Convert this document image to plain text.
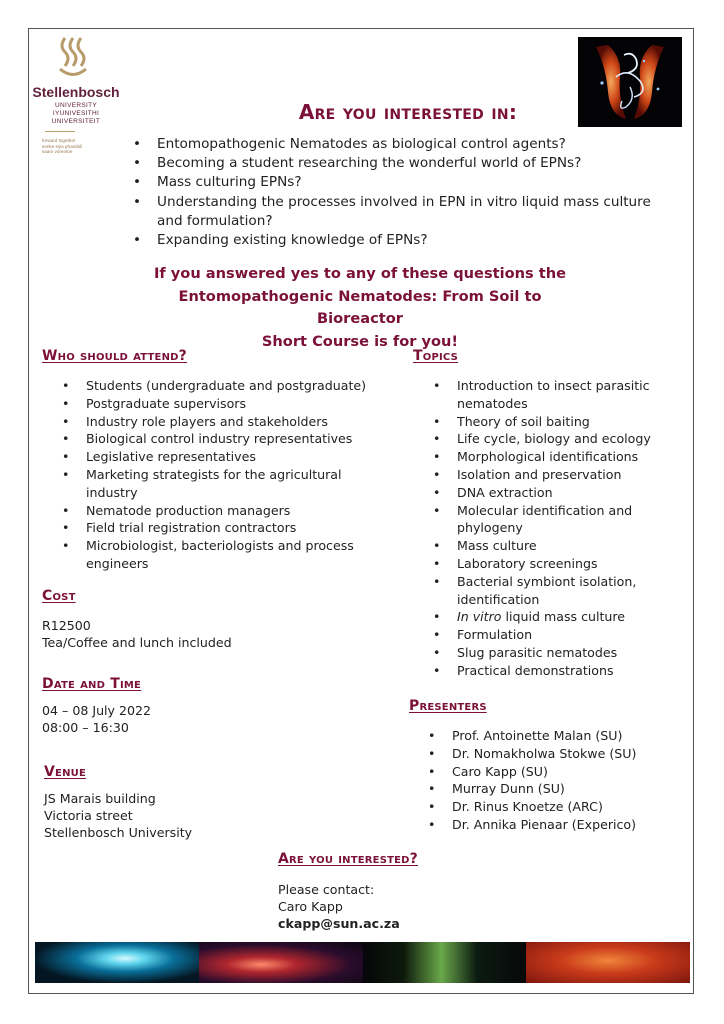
Stellenbosch
UNIVERSITY
IYUNIVESITHI
UNIVERSITEIT
forward together
sonke siya phambili
saam vorentoe
Are you interested in:
• Entomopathogenic Nematodes as biological control agents?
• Becoming a student researching the wonderful world of EPNs?
• Mass culturing EPNs?
• Understanding the processes involved in EPN in vitro liquid mass culture and formulation?
• Expanding existing knowledge of EPNs?
If you answered yes to any of these questions the
Entomopathogenic Nematodes: From Soil to Bioreactor
Short Course is for you!
Who should attend?
• Students (undergraduate and postgraduate)
• Postgraduate supervisors
• Industry role players and stakeholders
• Biological control industry representatives
• Legislative representatives
• Marketing strategists for the agricultural industry
• Nematode production managers
• Field trial registration contractors
• Microbiologist, bacteriologists and process engineers
Topics
• Introduction to insect parasitic nematodes
• Theory of soil baiting
• Life cycle, biology and ecology
• Morphological identifications
• Isolation and preservation
• DNA extraction
• Molecular identification and phylogeny
• Mass culture
• Laboratory screenings
• Bacterial symbiont isolation, identification
• In vitro liquid mass culture
• Formulation
• Slug parasitic nematodes
• Practical demonstrations
Cost
R12500
Tea/Coffee and lunch included
Date and Time
04 – 08 July 2022
08:00 – 16:30
Venue
JS Marais building
Victoria street
Stellenbosch University
Presenters
• Prof. Antoinette Malan (SU)
• Dr. Nomakholwa Stokwe (SU)
• Caro Kapp (SU)
• Murray Dunn (SU)
• Dr. Rinus Knoetze (ARC)
• Dr. Annika Pienaar (Experico)
Are you interested?
Please contact:
Caro Kapp
ckapp@sun.ac.za
